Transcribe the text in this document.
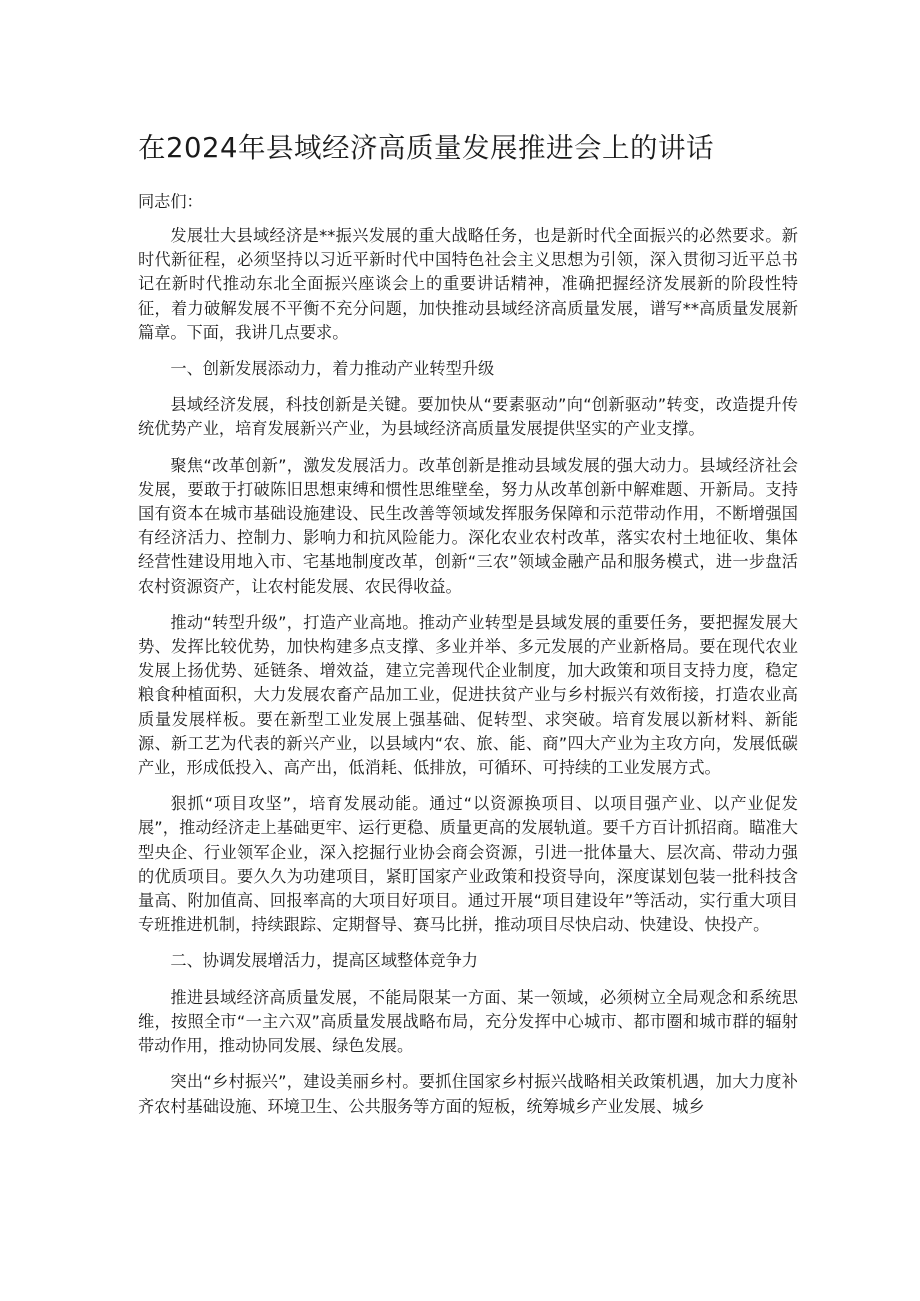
在2024年县域经济高质量发展推进会上的讲话

同志们：

发展壮大县域经济是**振兴发展的重大战略任务，也是新时代全面振兴的必然要求。新时代新征程，必须坚持以习近平新时代中国特色社会主义思想为引领，深入贯彻习近平总书记在新时代推动东北全面振兴座谈会上的重要讲话精神，准确把握经济发展新的阶段性特征，着力破解发展不平衡不充分问题，加快推动县域经济高质量发展，谱写**高质量发展新篇章。下面，我讲几点要求。

一、创新发展添动力，着力推动产业转型升级

县域经济发展，科技创新是关键。要加快从“要素驱动”向“创新驱动”转变，改造提升传统优势产业，培育发展新兴产业，为县域经济高质量发展提供坚实的产业支撑。

聚焦“改革创新”，激发发展活力。改革创新是推动县域发展的强大动力。县域经济社会发展，要敢于打破陈旧思想束缚和惯性思维壁垒，努力从改革创新中解难题、开新局。支持国有资本在城市基础设施建设、民生改善等领域发挥服务保障和示范带动作用，不断增强国有经济活力、控制力、影响力和抗风险能力。深化农业农村改革，落实农村土地征收、集体经营性建设用地入市、宅基地制度改革，创新“三农”领域金融产品和服务模式，进一步盘活农村资源资产，让农村能发展、农民得收益。

推动“转型升级”，打造产业高地。推动产业转型是县域发展的重要任务，要把握发展大势、发挥比较优势，加快构建多点支撑、多业并举、多元发展的产业新格局。要在现代农业发展上扬优势、延链条、增效益，建立完善现代企业制度，加大政策和项目支持力度，稳定粮食种植面积，大力发展农畜产品加工业，促进扶贫产业与乡村振兴有效衔接，打造农业高质量发展样板。要在新型工业发展上强基础、促转型、求突破。培育发展以新材料、新能源、新工艺为代表的新兴产业，以县域内“农、旅、能、商”四大产业为主攻方向，发展低碳产业，形成低投入、高产出，低消耗、低排放，可循环、可持续的工业发展方式。

狠抓“项目攻坚”，培育发展动能。通过“以资源换项目、以项目强产业、以产业促发展”，推动经济走上基础更牢、运行更稳、质量更高的发展轨道。要千方百计抓招商。瞄准大型央企、行业领军企业，深入挖掘行业协会商会资源，引进一批体量大、层次高、带动力强的优质项目。要久久为功建项目，紧盯国家产业政策和投资导向，深度谋划包装一批科技含量高、附加值高、回报率高的大项目好项目。通过开展“项目建设年”等活动，实行重大项目专班推进机制，持续跟踪、定期督导、赛马比拼，推动项目尽快启动、快建设、快投产。

二、协调发展增活力，提高区域整体竞争力

推进县域经济高质量发展，不能局限某一方面、某一领域，必须树立全局观念和系统思维，按照全市“一主六双”高质量发展战略布局，充分发挥中心城市、都市圈和城市群的辐射带动作用，推动协同发展、绿色发展。

突出“乡村振兴”，建设美丽乡村。要抓住国家乡村振兴战略相关政策机遇，加大力度补齐农村基础设施、环境卫生、公共服务等方面的短板，统筹城乡产业发展、城乡
